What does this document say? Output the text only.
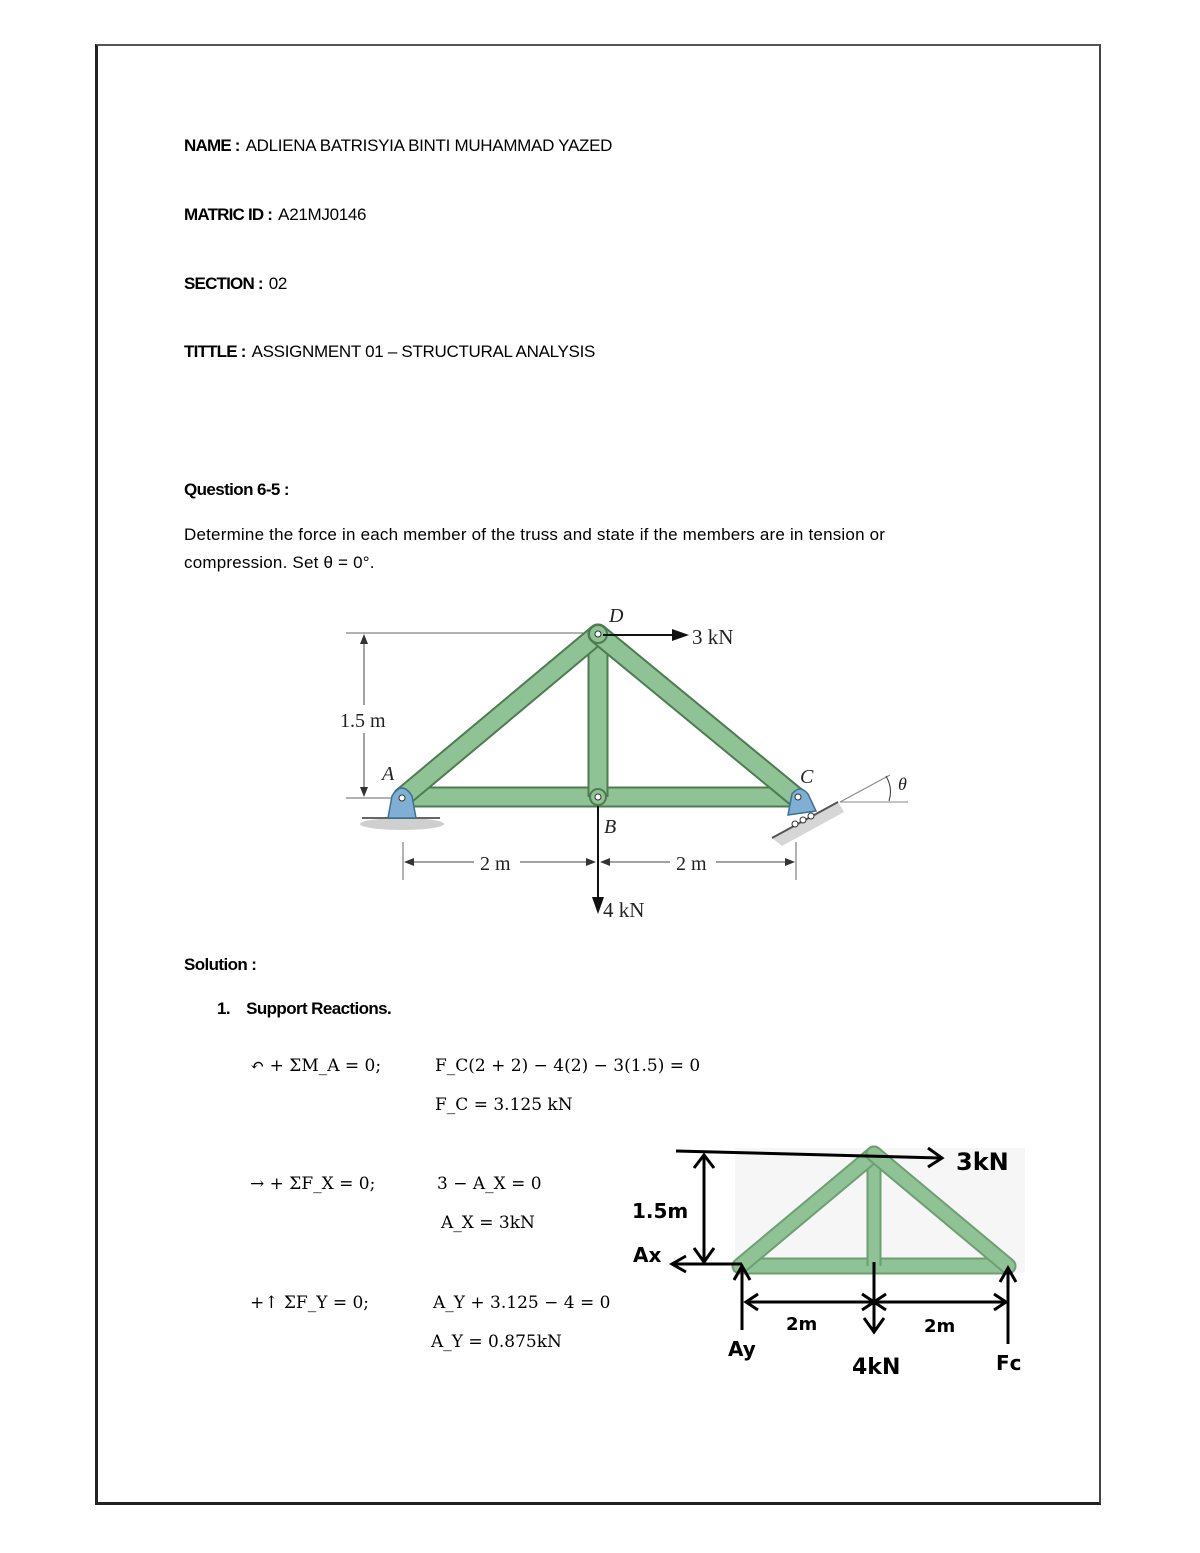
NAME : ADLIENA BATRISYIA BINTI MUHAMMAD YAZED
MATRIC ID : A21MJ0146
SECTION : 02
TITTLE : ASSIGNMENT 01 – STRUCTURAL ANALYSIS
Question 6-5 :
Determine the force in each member of the truss and state if the members are in tension or
compression. Set θ = 0°.
1.5 m
θ
D
A
B
C
3 kN
4 kN
2 m	2 m
Solution :
1. Support Reactions.
↶ + ΣM_A = 0;	F_C(2 + 2) − 4(2) − 3(1.5) = 0
F_C = 3.125 kN
→ + ΣF_X = 0;	3 − A_X = 0
A_X = 3kN
+↑ ΣF_Y = 0;	A_Y + 3.125 − 4 = 0
A_Y = 0.875kN
3kN
1.5m
Ax
Ay
2m	2m
4kN	Fc
